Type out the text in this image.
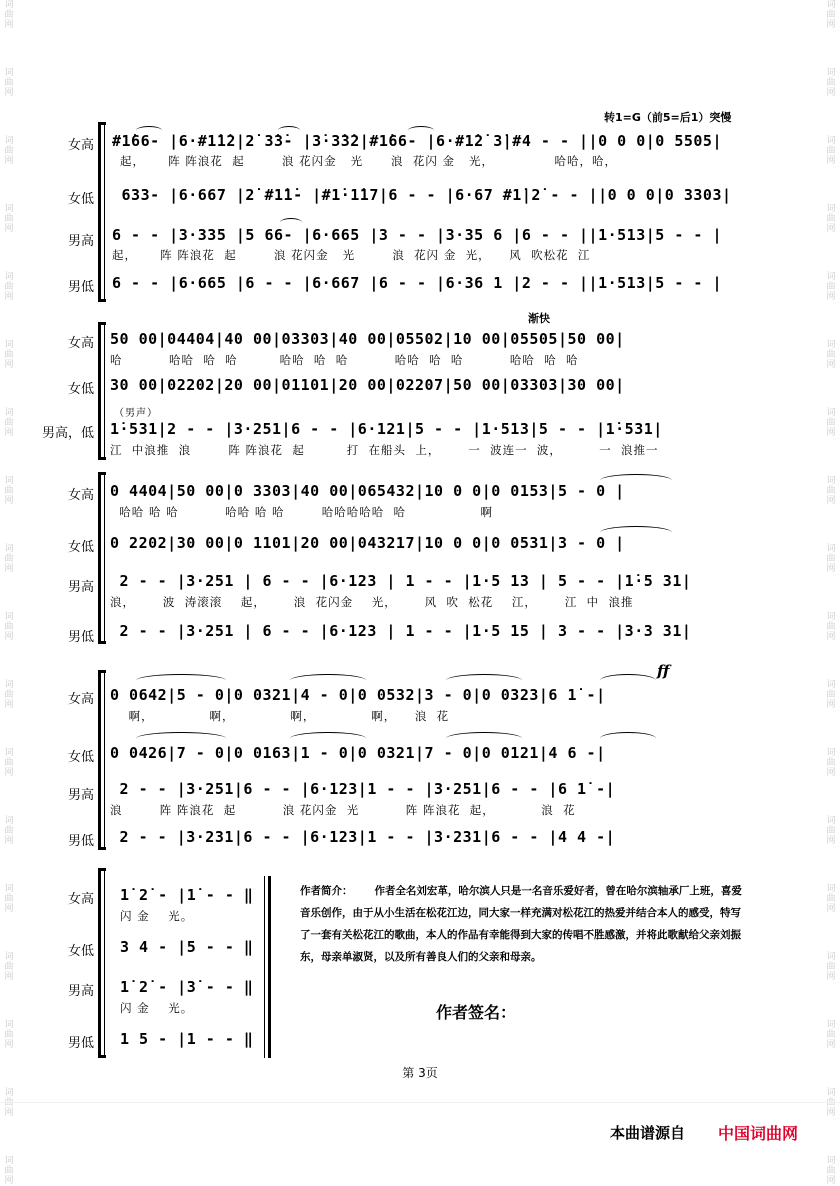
词
曲
网
词
曲
网
词
曲
网
词
曲
网
词
曲
网
词
曲
网
词
曲
网
词
曲
网
词
曲
网
词
曲
网
词
曲
网
词
曲
网
词
曲
网
词
曲
网
词
曲
网
词
曲
网
词
曲
网
词
曲
网
词
曲
网
词
曲
网
词
曲
网
词
曲
网
词
曲
网
词
曲
网
词
曲
网
词
曲
网
词
曲
网
词
曲
网
词
曲
网
词
曲
网
词
曲
网
词
曲
网
词
曲
网
词
曲
网
词
曲
网
词
曲
网
转1=G（前5=后1）突慢
女高 #1̇66- |6·#1̇1̇2|2̇ 3̇3̇- |3̇·3̇3̇2|#1̇66- |6·#1̇2̇ 3̇|#4 - - ||0 0 0|0 5505|
起，     阵 阵浪花  起        浪 花闪金   光      浪  花闪 金   光，             哈哈，哈，
女低 633- |6·667 |2̇ #1̇1̇- |#1̇·1̇17|6 - - |6·67 #1̇|2̇ - - ||0 0 0|0 3303|
男高 6 - - |3·335 |5 66- |6·665 |3 - - |3·35 6 |6 - - ||1·513|5 - - |
起，     阵 阵浪花  起        浪 花闪金   光        浪  花闪 金  光，    风  吹松花  江
男低 6 - - |6·665 |6 - - |6·667 |6 - - |6·36 1 |2 - - ||1·513|5 - - |
渐快
女高 50 00|04404|40 00|03303|40 00|05502|10 00|05505|50 00|
哈          哈哈  哈  哈         哈哈  哈  哈          哈哈  哈  哈          哈哈  哈  哈
女低 30 00|02202|20 00|01101|20 00|02207|50 00|03303|30 00|
（男声）
男高，低 1̇·531|2 - - |3·251|6 - - |6·121|5 - - |1·513|5 - - |1̇·531|
江  中浪推  浪        阵 阵浪花  起         打  在船头  上，      一  波连一  波，        一  浪推一
女高 0 4404|50 00|0 3303|40 00|065432|10 0 0|0 0153|5 - 0 |
哈哈 哈 哈          哈哈 哈 哈        哈哈哈哈哈  哈                啊
女低 0 2202|30 00|0 1101|20 00|043217|10 0 0|0 0531|3 - 0 |
男高 2 - - |3·251 | 6 - - |6·123 | 1 - - |1·5 13 | 5 - - |1̇·5 31|
浪，      波  涛滚滚    起，      浪  花闪金    光，      风  吹  松花    江，      江  中  浪推
男低 2 - - |3·251 | 6 - - |6·123 | 1 - - |1·5 15 | 3 - - |3·3 31|
ff
女高 0 0642|5 - 0|0 0321|4 - 0|0 0532|3 - 0|0 0323|6 1̇ -|
啊，            啊，            啊，            啊，    浪  花
女低 0 0426|7 - 0|0 0163|1 - 0|0 0321|7 - 0|0 0121|4 6 -|
男高 2 - - |3·251|6 - - |6·123|1 - - |3·251|6 - - |6 1̇ -|
浪        阵 阵浪花  起          浪 花闪金  光          阵 阵浪花  起，          浪  花
男低 2 - - |3·231|6 - - |6·123|1 - - |3·231|6 - - |4 4 -|
女高 1̇ 2̇ - |1̇ - - ‖
闪 金    光。
女低 3 4 - |5 - - ‖
男高 1̇ 2̇ - |3̇ - - ‖
闪 金    光。
男低 1 5 - |1 - - ‖
作者简介： 作者全名刘宏革，哈尔滨人只是一名音乐爱好者，曾在哈尔滨轴承厂上班，喜爱音乐创作，由于从小生活在松花江边，同大家一样充满对松花江的热爱并结合本人的感受，特写了一套有关松花江的歌曲，本人的作品有幸能得到大家的传唱不胜感激，并将此歌献给父亲刘振东，母亲单淑贤，以及所有善良人们的父亲和母亲。
作者签名：
第 3页
本曲谱源自 中国词曲网
